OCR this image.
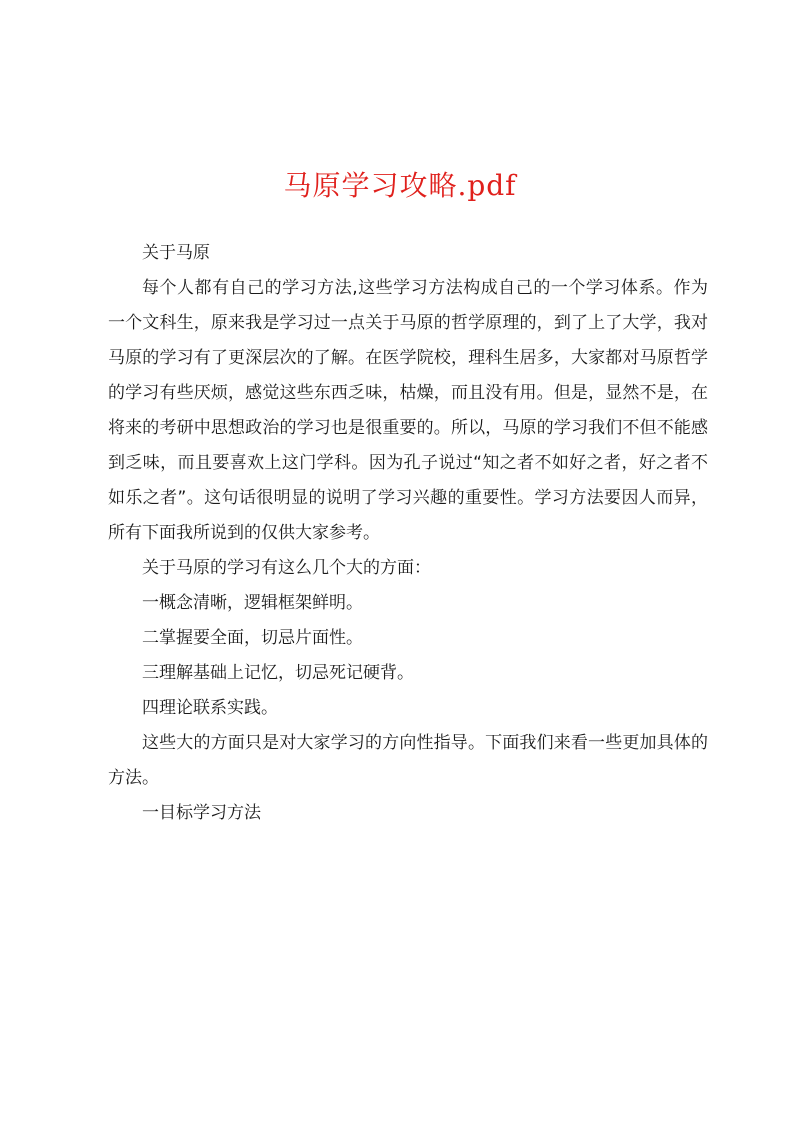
马原学习攻略.pdf

关于马原

每个人都有自己的学习方法,这些学习方法构成自己的一个学习体系。作为一个文科生，原来我是学习过一点关于马原的哲学原理的，到了上了大学，我对马原的学习有了更深层次的了解。在医学院校，理科生居多，大家都对马原哲学的学习有些厌烦，感觉这些东西乏味，枯燥，而且没有用。但是，显然不是，在将来的考研中思想政治的学习也是很重要的。所以，马原的学习我们不但不能感到乏味，而且要喜欢上这门学科。因为孔子说过“知之者不如好之者，好之者不如乐之者”。这句话很明显的说明了学习兴趣的重要性。学习方法要因人而异，所有下面我所说到的仅供大家参考。

关于马原的学习有这么几个大的方面：

一概念清晰，逻辑框架鲜明。

二掌握要全面，切忌片面性。

三理解基础上记忆，切忌死记硬背。

四理论联系实践。

这些大的方面只是对大家学习的方向性指导。下面我们来看一些更加具体的方法。

一目标学习方法
